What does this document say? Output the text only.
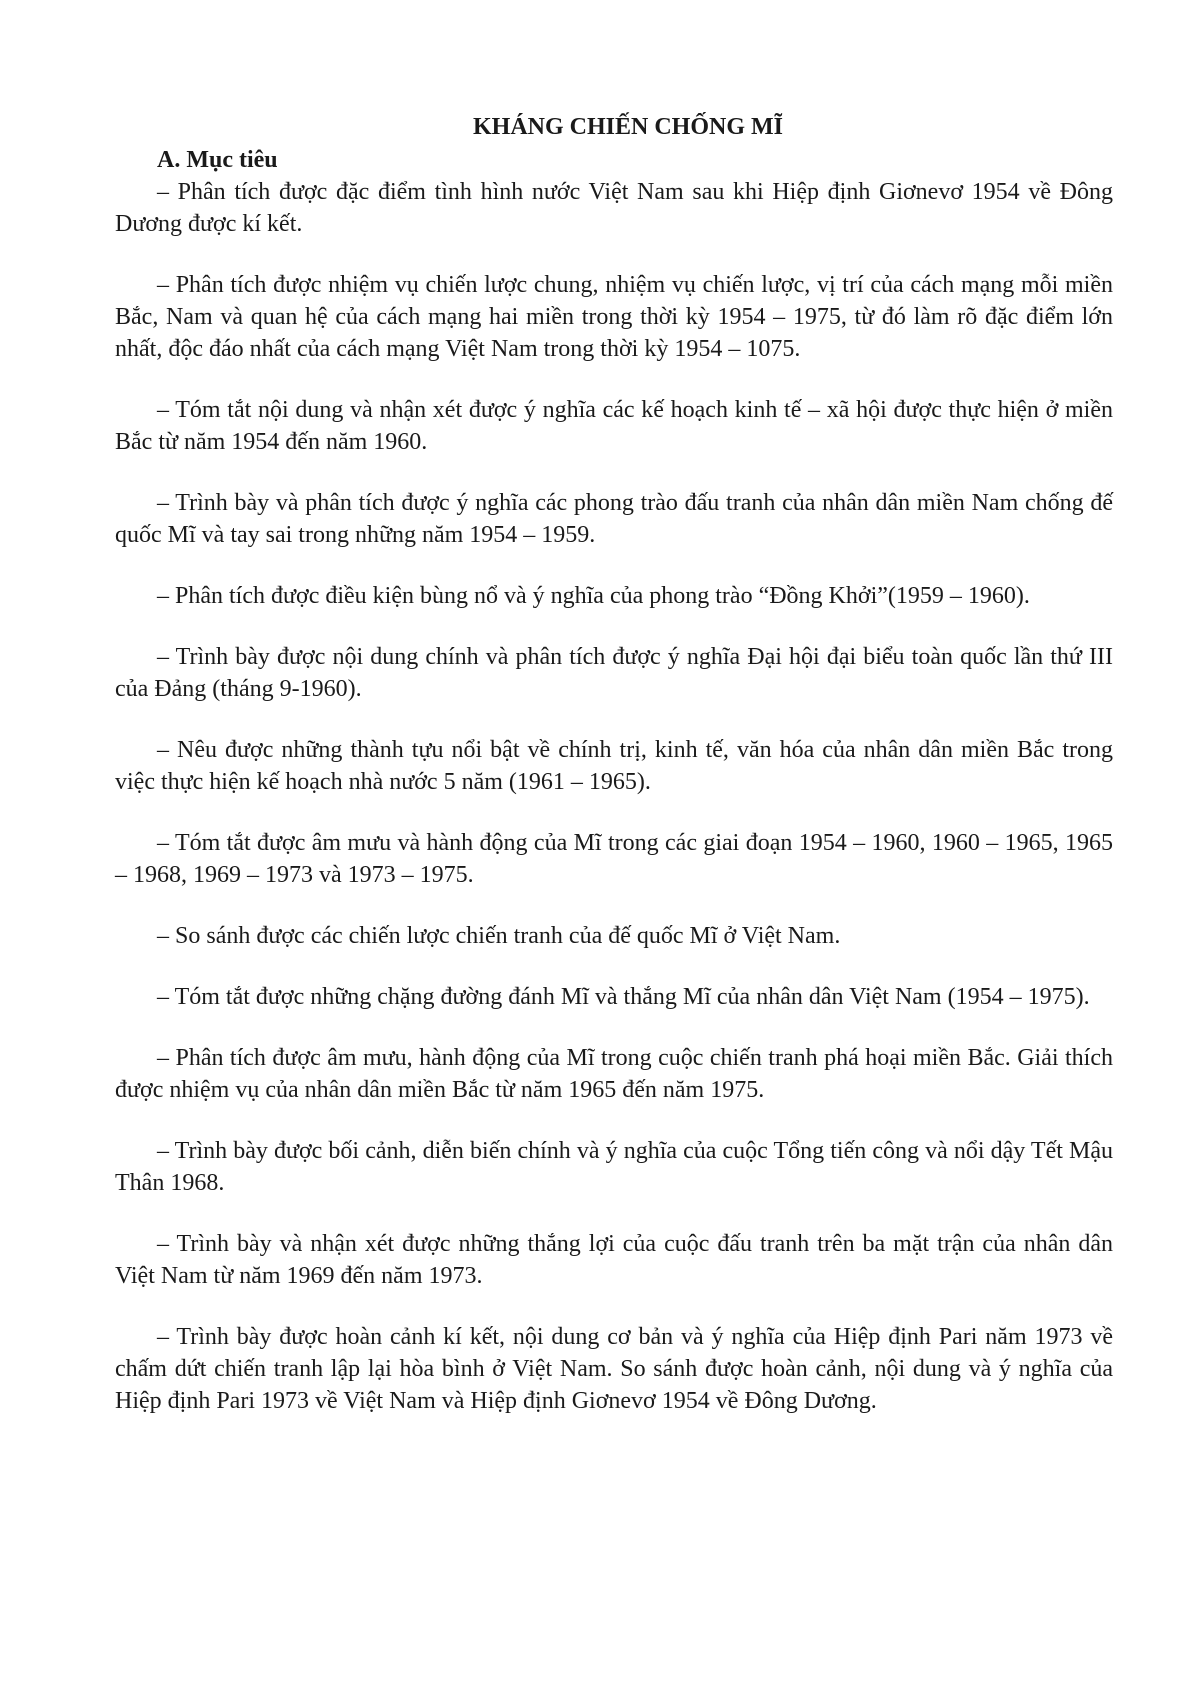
KHÁNG CHIẾN CHỐNG MĨ
A. Mục tiêu
– Phân tích được đặc điểm tình hình nước Việt Nam sau khi Hiệp định Giơnevơ 1954 về Đông Dương được kí kết.
– Phân tích được nhiệm vụ chiến lược chung, nhiệm vụ chiến lược, vị trí của cách mạng mỗi miền Bắc, Nam và quan hệ của cách mạng hai miền trong thời kỳ 1954 – 1975, từ đó làm rõ đặc điểm lớn nhất, độc đáo nhất của cách mạng Việt Nam trong thời kỳ 1954 – 1075.
– Tóm tắt nội dung và nhận xét được ý nghĩa các kế hoạch kinh tế – xã hội được thực hiện ở miền Bắc từ năm 1954 đến năm 1960.
– Trình bày và phân tích được ý nghĩa các phong trào đấu tranh của nhân dân miền Nam chống đế quốc Mĩ và tay sai trong những năm 1954 – 1959.
– Phân tích được điều kiện bùng nổ và ý nghĩa của phong trào “Đồng Khởi”(1959 – 1960).
– Trình bày được nội dung chính và phân tích được ý nghĩa Đại hội đại biểu toàn quốc lần thứ III của Đảng (tháng 9-1960).
– Nêu được những thành tựu nổi bật về chính trị, kinh tế, văn hóa của nhân dân miền Bắc trong việc thực hiện kế hoạch nhà nước 5 năm (1961 – 1965).
– Tóm tắt được âm mưu và hành động của Mĩ trong các giai đoạn 1954 – 1960, 1960 – 1965, 1965 – 1968, 1969 – 1973 và 1973 – 1975.
– So sánh được các chiến lược chiến tranh của đế quốc Mĩ ở Việt Nam.
– Tóm tắt được những chặng đường đánh Mĩ và thắng Mĩ của nhân dân Việt Nam (1954 – 1975).
– Phân tích được âm mưu, hành động của Mĩ trong cuộc chiến tranh phá hoại miền Bắc. Giải thích được nhiệm vụ của nhân dân miền Bắc từ năm 1965 đến năm 1975.
– Trình bày được bối cảnh, diễn biến chính và ý nghĩa của cuộc Tổng tiến công và nổi dậy Tết Mậu Thân 1968.
– Trình bày và nhận xét được những thắng lợi của cuộc đấu tranh trên ba mặt trận của nhân dân Việt Nam từ năm 1969 đến năm 1973.
– Trình bày được hoàn cảnh kí kết, nội dung cơ bản và ý nghĩa của Hiệp định Pari năm 1973 về chấm dứt chiến tranh lập lại hòa bình ở Việt Nam. So sánh được hoàn cảnh, nội dung và ý nghĩa của Hiệp định Pari 1973 về Việt Nam và Hiệp định Giơnevơ 1954 về Đông Dương.
